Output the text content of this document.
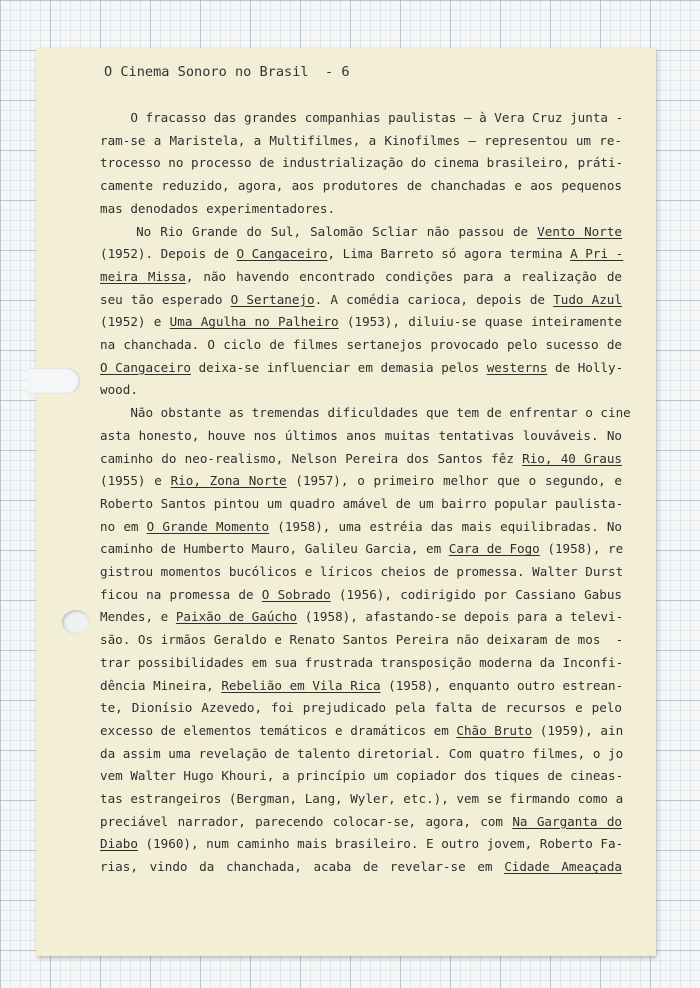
O Cinema Sonoro no Brasil  - 6
O fracasso das grandes companhias paulistas — à Vera Cruz junta -
ram-se a Maristela, a Multifilmes, a Kinofilmes — representou um re-
trocesso no processo de industrialização do cinema brasileiro, práti-
camente reduzido, agora, aos produtores de chanchadas e aos pequenos
mas denodados experimentadores.
No Rio Grande do Sul, Salomão Scliar não passou de Vento Norte
(1952). Depois de O Cangaceiro, Lima Barreto só agora termina A Pri -
meira Missa, não havendo encontrado condições para a realização de
seu tão esperado O Sertanejo. A comédia carioca, depois de Tudo Azul
(1952) e Uma Agulha no Palheiro (1953), diluiu-se quase inteiramente
na chanchada. O ciclo de filmes sertanejos provocado pelo sucesso de
O Cangaceiro deixa-se influenciar em demasia pelos westerns de Holly-
wood.
Não obstante as tremendas dificuldades que tem de enfrentar o cine
asta honesto, houve nos últimos anos muitas tentativas louváveis. No
caminho do neo-realismo, Nelson Pereira dos Santos fêz Rio, 40 Graus
(1955) e Rio, Zona Norte (1957), o primeiro melhor que o segundo, e
Roberto Santos pintou um quadro amável de um bairro popular paulista-
no em O Grande Momento (1958), uma estréia das mais equilibradas. No
caminho de Humberto Mauro, Galileu Garcia, em Cara de Fogo (1958), re
gistrou momentos bucólicos e líricos cheios de promessa. Walter Durst
ficou na promessa de O Sobrado (1956), codirigido por Cassiano Gabus
Mendes, e Paixão de Gaúcho (1958), afastando-se depois para a televi-
são. Os irmãos Geraldo e Renato Santos Pereira não deixaram de mos  -
trar possibilidades em sua frustrada transposição moderna da Inconfi-
dência Mineira, Rebelião em Vila Rica (1958), enquanto outro estrean-
te, Dionísio Azevedo, foi prejudicado pela falta de recursos e pelo
excesso de elementos temáticos e dramáticos em Chão Bruto (1959), ain
da assim uma revelação de talento diretorial. Com quatro filmes, o jo
vem Walter Hugo Khouri, a princípio um copiador dos tiques de cineas-
tas estrangeiros (Bergman, Lang, Wyler, etc.), vem se firmando como a
preciável narrador, parecendo colocar-se, agora, com Na Garganta do
Diabo (1960), num caminho mais brasileiro. E outro jovem, Roberto Fa-
rias, vindo da chanchada, acaba de revelar-se em Cidade Ameaçada
